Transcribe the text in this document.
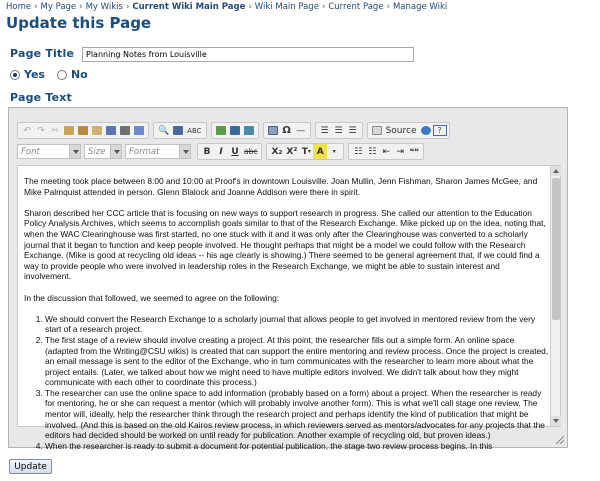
Home › My Page › My Wikis › Current Wiki Main Page › Wiki Main Page › Current Page › Manage Wiki
Update this Page
Page Title
Planning Notes from Louisville
Yes No
Page Text
↶ ↷ ✂	🔍	ABC	Ω —	☰ ☰ ☰	Source	?
Font	Size	Format	B I U abc X₂ X² T ▾ A	▾	☷ ☷ ⇤ ⇥ ❝❝

The meeting took place between 8:00 and 10:00 at Proof's in downtown Louisville. Joan Mullin, Jenn Fishman, Sharon James McGee, and Mike Palmquist attended in person. Glenn Blalock and Joanne Addison were there in spirit.

Sharon described her CCC article that is focusing on new ways to support research in progress. She called our attention to the Education Policy Analysis Archives, which seems to accomplish goals similar to that of the Research Exchange. Mike picked up on the idea, noting that, when the WAC Clearinghouse was first started, no one stuck with it and it was only after the Clearinghouse was converted to a scholarly journal that it began to function and keep people involved. He thought perhaps that might be a model we could follow with the Research Exchange. (Mike is good at recycling old ideas -- his age clearly is showing.) There seemed to be general agreement that, if we could find a way to provide people who were involved in leadership roles in the Research Exchange, we might be able to sustain interest and involvement.

In the discussion that followed, we seemed to agree on the following:

1. We should convert the Research Exchange to a scholarly journal that allows people to get involved in mentored review from the very start of a research project.
2. The first stage of a review should involve creating a project. At this point, the researcher fills out a simple form. An online space (adapted from the Writing@CSU wikis) is created that can support the entire mentoring and review process. Once the project is created, an email message is sent to the editor of the Exchange, who in turn communicates with the researcher to learn more about what the project entails. (Later, we talked about how we might need to have multiple editors involved. We didn't talk about how they might communicate with each other to coordinate this process.)
3. The researcher can use the online space to add information (probably based on a form) about a project. When the researcher is ready for mentoring, he or she can request a mentor (which will probably involve another form). This is what we'll call stage one review. The mentor will, ideally, help the researcher think through the research project and perhaps identify the kind of publication that might be involved. (And this is based on the old Kairos review process, in which reviewers served as mentors/advocates for any projects that the editors had decided should be worked on until ready for publication. Another example of recycling old, but proven ideas.)
4. When the researcher is ready to submit a document for potential publication, the stage two review process begins. In this
Update
